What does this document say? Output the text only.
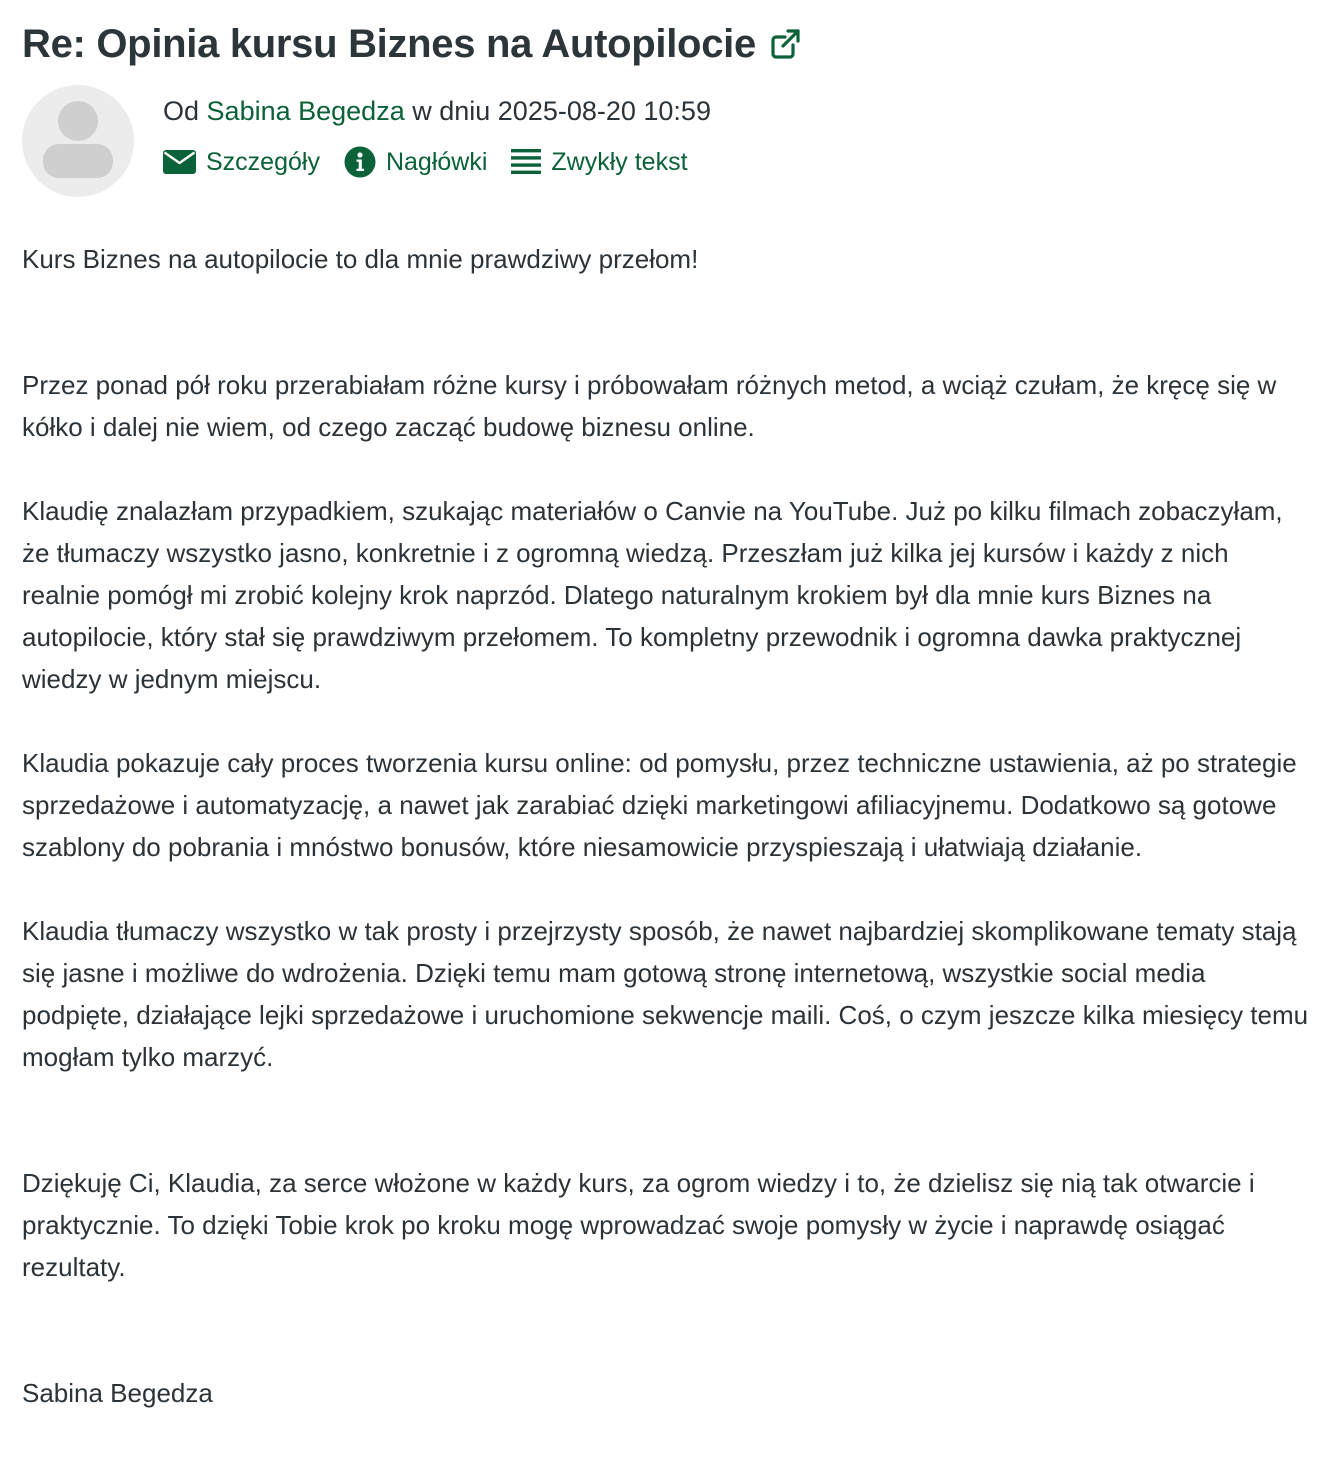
Re: Opinia kursu Biznes na Autopilocie
Od Sabina Begedza w dniu 2025-08-20 10:59
Szczegóły	Nagłówki	Zwykły tekst

Kurs Biznes na autopilocie to dla mnie prawdziwy przełom!

Przez ponad pół roku przerabiałam różne kursy i próbowałam różnych metod, a wciąż czułam, że kręcę się w kółko i dalej nie wiem, od czego zacząć budowę biznesu online.

Klaudię znalazłam przypadkiem, szukając materiałów o Canvie na YouTube. Już po kilku filmach zobaczyłam, że tłumaczy wszystko jasno, konkretnie i z ogromną wiedzą. Przeszłam już kilka jej kursów i każdy z nich realnie pomógł mi zrobić kolejny krok naprzód. Dlatego naturalnym krokiem był dla mnie kurs Biznes na autopilocie, który stał się prawdziwym przełomem. To kompletny przewodnik i ogromna dawka praktycznej wiedzy w jednym miejscu.

Klaudia pokazuje cały proces tworzenia kursu online: od pomysłu, przez techniczne ustawienia, aż po strategie sprzedażowe i automatyzację, a nawet jak zarabiać dzięki marketingowi afiliacyjnemu. Dodatkowo są gotowe szablony do pobrania i mnóstwo bonusów, które niesamowicie przyspieszają i ułatwiają działanie.

Klaudia tłumaczy wszystko w tak prosty i przejrzysty sposób, że nawet najbardziej skomplikowane tematy stają się jasne i możliwe do wdrożenia. Dzięki temu mam gotową stronę internetową, wszystkie social media podpięte, działające lejki sprzedażowe i uruchomione sekwencje maili. Coś, o czym jeszcze kilka miesięcy temu mogłam tylko marzyć.

Dziękuję Ci, Klaudia, za serce włożone w każdy kurs, za ogrom wiedzy i to, że dzielisz się nią tak otwarcie i praktycznie. To dzięki Tobie krok po kroku mogę wprowadzać swoje pomysły w życie i naprawdę osiągać rezultaty.

Sabina Begedza
